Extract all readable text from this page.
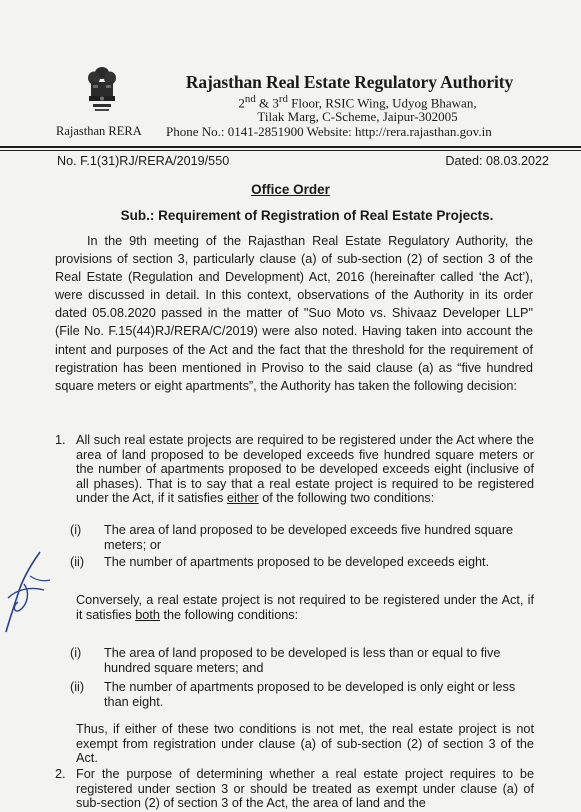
Rajasthan RERA
Rajasthan Real Estate Regulatory Authority
2nd & 3rd Floor, RSIC Wing, Udyog Bhawan,
Tilak Marg, C-Scheme, Jaipur-302005
Phone No.: 0141-2851900 Website: http://rera.rajasthan.gov.in
No. F.1(31)RJ/RERA/2019/550	Dated: 08.03.2022
Office Order
Sub.: Requirement of Registration of Real Estate Projects.

In the 9th meeting of the Rajasthan Real Estate Regulatory Authority, the provisions of section 3, particularly clause (a) of sub-section (2) of section 3 of the Real Estate (Regulation and Development) Act, 2016 (hereinafter called ‘the Act’), were discussed in detail. In this context, observations of the Authority in its order dated 05.08.2020 passed in the matter of "Suo Moto vs. Shivaaz Developer LLP" (File No. F.15(44)RJ/RERA/C/2019) were also noted. Having taken into account the intent and purposes of the Act and the fact that the threshold for the requirement of registration has been mentioned in Proviso to the said clause (a) as “five hundred square meters or eight apartments”, the Authority has taken the following decision:

1. All such real estate projects are required to be registered under the Act where the area of land proposed to be developed exceeds five hundred square meters or the number of apartments proposed to be developed exceeds eight (inclusive of all phases). That is to say that a real estate project is required to be registered under the Act, if it satisfies either of the following two conditions:

(i) The area of land proposed to be developed exceeds five hundred square meters; or
(ii) The number of apartments proposed to be developed exceeds eight.
Conversely, a real estate project is not required to be registered under the Act, if it satisfies both the following conditions:
(i) The area of land proposed to be developed is less than or equal to five hundred square meters; and
(ii) The number of apartments proposed to be developed is only eight or less than eight.
Thus, if either of these two conditions is not met, the real estate project is not exempt from registration under clause (a) of sub-section (2) of section 3 of the Act.
2. For the purpose of determining whether a real estate project requires to be registered under section 3 or should be treated as exempt under clause (a) of sub-section (2) of section 3 of the Act, the area of land and the
